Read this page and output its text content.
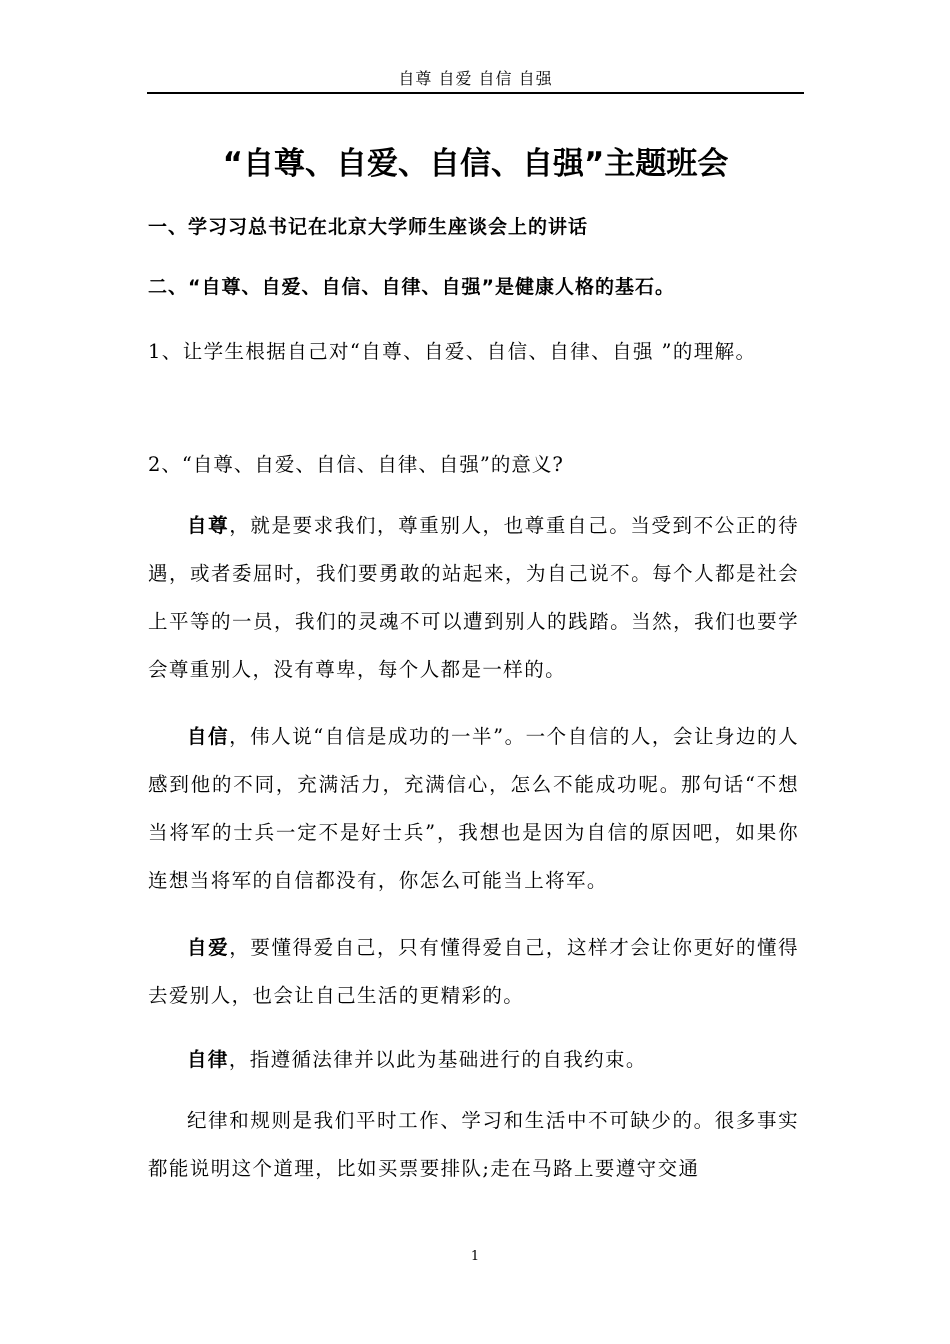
自尊 自爱 自信 自强
“自尊、自爱、自信、自强”主题班会
一、学习习总书记在北京大学师生座谈会上的讲话
二、“自尊、自爱、自信、自律、自强”是健康人格的基石。

1、让学生根据自己对“自尊、自爱、自信、自律、自强 ”的理解。

2、“自尊、自爱、自信、自律、自强”的意义?

自尊，就是要求我们，尊重别人，也尊重自己。当受到不公正的待遇，或者委屈时，我们要勇敢的站起来，为自己说不。每个人都是社会上平等的一员，我们的灵魂不可以遭到别人的践踏。当然，我们也要学会尊重别人，没有尊卑，每个人都是一样的。

自信，伟人说“自信是成功的一半”。一个自信的人，会让身边的人感到他的不同，充满活力，充满信心，怎么不能成功呢。那句话“不想当将军的士兵一定不是好士兵”，我想也是因为自信的原因吧，如果你连想当将军的自信都没有，你怎么可能当上将军。

自爱，要懂得爱自己，只有懂得爱自己，这样才会让你更好的懂得去爱别人，也会让自己生活的更精彩的。

自律，指遵循法律并以此为基础进行的自我约束。

纪律和规则是我们平时工作、学习和生活中不可缺少的。很多事实都能说明这个道理，比如买票要排队;走在马路上要遵守交通

1
